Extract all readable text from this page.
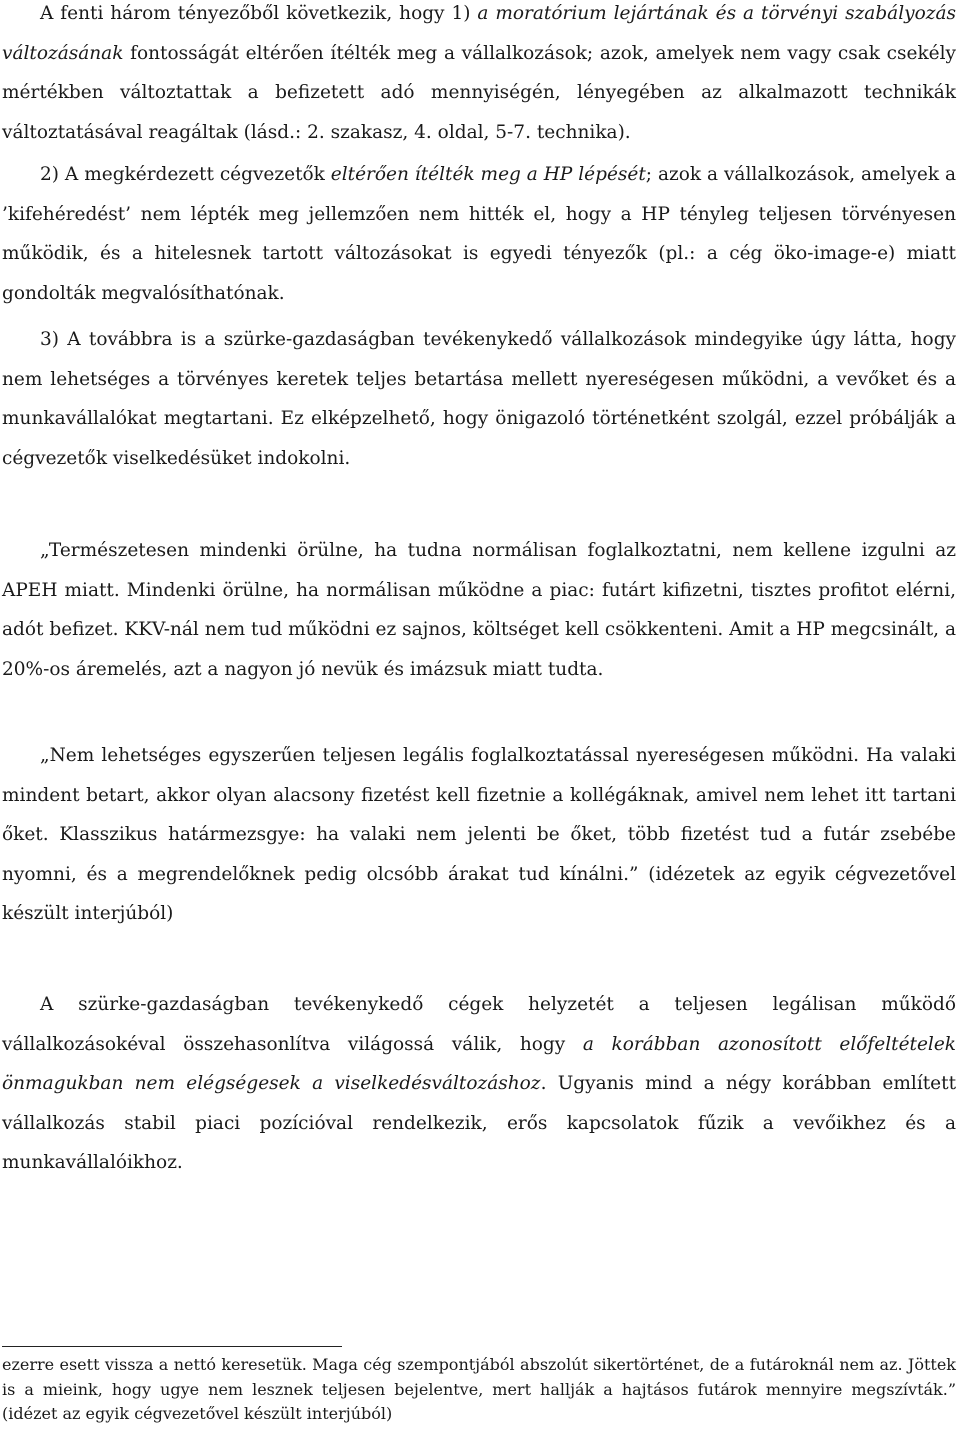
A fenti három tényezőből következik, hogy 1) a moratórium lejártának és a törvényi szabályozás változásának fontosságát eltérően ítélték meg a vállalkozások; azok, amelyek nem vagy csak csekély mértékben változtattak a befizetett adó mennyiségén, lényegében az alkalmazott technikák változtatásával reagáltak (lásd.: 2. szakasz, 4. oldal, 5-7. technika).

2) A megkérdezett cégvezetők eltérően ítélték meg a HP lépését; azok a vállalkozások, amelyek a ’kifehéredést’ nem lépték meg jellemzően nem hitték el, hogy a HP tényleg teljesen törvényesen működik, és a hitelesnek tartott változásokat is egyedi tényezők (pl.: a cég öko-image-e) miatt gondolták megvalósíthatónak.

3) A továbbra is a szürke-gazdaságban tevékenykedő vállalkozások mindegyike úgy látta, hogy nem lehetséges a törvényes keretek teljes betartása mellett nyereségesen működni, a vevőket és a munkavállalókat megtartani. Ez elképzelhető, hogy önigazoló történetként szolgál, ezzel próbálják a cégvezetők viselkedésüket indokolni.

„Természetesen mindenki örülne, ha tudna normálisan foglalkoztatni, nem kellene izgulni az APEH miatt. Mindenki örülne, ha normálisan működne a piac: futárt kifizetni, tisztes profitot elérni, adót befizet. KKV-nál nem tud működni ez sajnos, költséget kell csökkenteni. Amit a HP megcsinált, a 20%-os áremelés, azt a nagyon jó nevük és imázsuk miatt tudta.

„Nem lehetséges egyszerűen teljesen legális foglalkoztatással nyereségesen működni. Ha valaki mindent betart, akkor olyan alacsony fizetést kell fizetnie a kollégáknak, amivel nem lehet itt tartani őket. Klasszikus határmezsgye: ha valaki nem jelenti be őket, több fizetést tud a futár zsebébe nyomni, és a megrendelőknek pedig olcsóbb árakat tud kínálni.” (idézetek az egyik cégvezetővel készült interjúból)

A szürke-gazdaságban tevékenykedő cégek helyzetét a teljesen legálisan működő vállalkozásokéval összehasonlítva világossá válik, hogy a korábban azonosított előfeltételek önmagukban nem elégségesek a viselkedésváltozáshoz. Ugyanis mind a négy korábban említett vállalkozás stabil piaci pozícióval rendelkezik, erős kapcsolatok fűzik a vevőikhez és a munkavállalóikhoz.

ezerre esett vissza a nettó keresetük. Maga cég szempontjából abszolút sikertörténet, de a futároknál nem az. Jöttek is a mieink, hogy ugye nem lesznek teljesen bejelentve, mert hallják a hajtásos futárok mennyire megszívták.” (idézet az egyik cégvezetővel készült interjúból)
